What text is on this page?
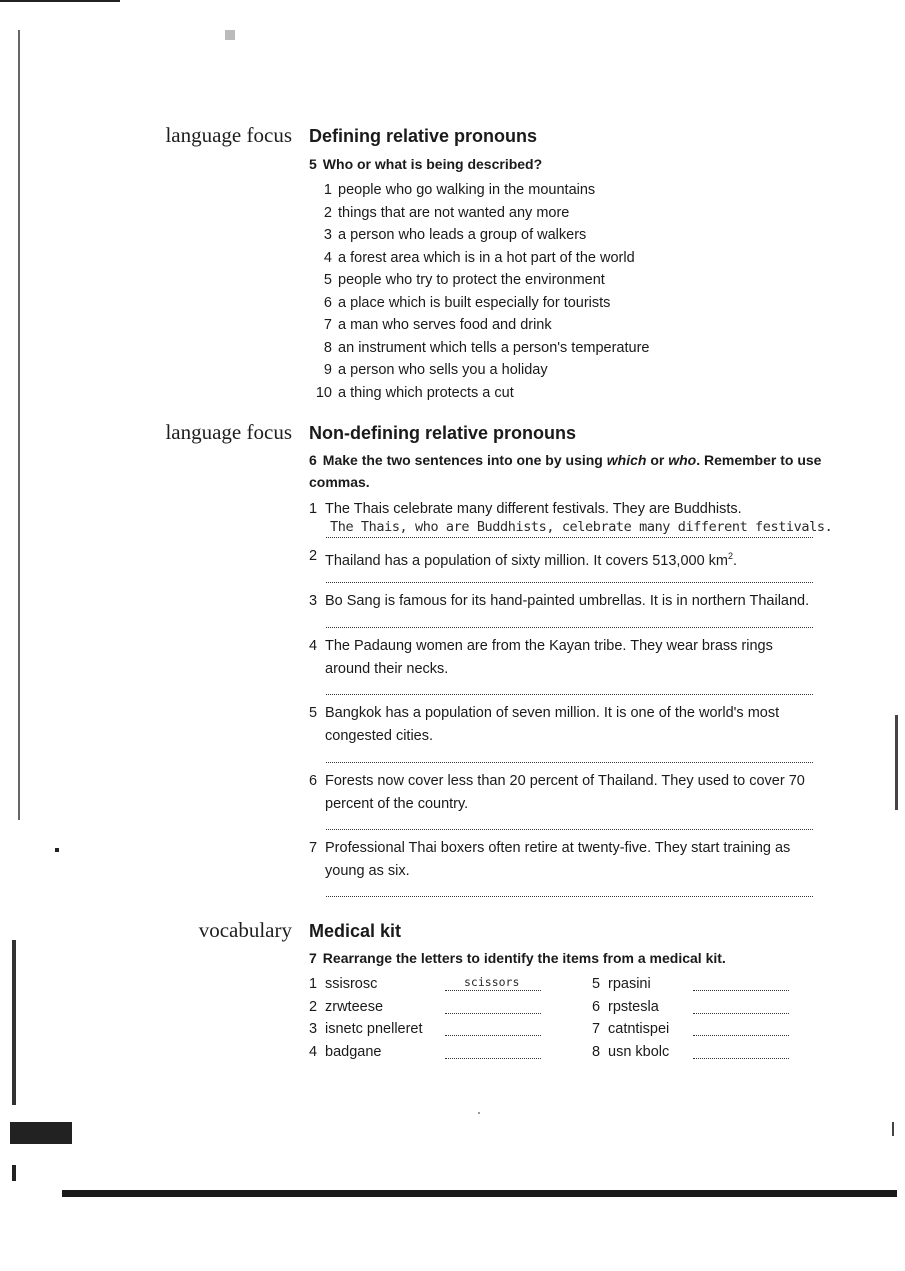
language focus Defining relative pronouns
5 Who or what is being described?
1 people who go walking in the mountains
2 things that are not wanted any more
3 a person who leads a group of walkers
4 a forest area which is in a hot part of the world
5 people who try to protect the environment
6 a place which is built especially for tourists
7 a man who serves food and drink
8 an instrument which tells a person's temperature
9 a person who sells you a holiday
10 a thing which protects a cut
language focus Non-defining relative pronouns
6 Make the two sentences into one by using which or who. Remember to use commas.
1 The Thais celebrate many different festivals. They are Buddhists.
The Thais, who are Buddhists, celebrate many different festivals.
2 Thailand has a population of sixty million. It covers 513,000 $km^2$.
3 Bo Sang is famous for its hand-painted umbrellas. It is in northern Thailand.
4 The Padaung women are from the Kayan tribe. They wear brass rings around their necks.
5 Bangkok has a population of seven million. It is one of the world's most congested cities.
6 Forests now cover less than 20 percent of Thailand. They used to cover 70 percent of the country.
7 Professional Thai boxers often retire at twenty-five. They start training as young as six.
vocabulary Medical kit
7 Rearrange the letters to identify the items from a medical kit.
1 ssisrosc	scissors
2 zrwteese
3 isnetc pnelleret
4 badgane
5 rpasini
6 rpstesla
7 catntispei
8 usn kbolc
